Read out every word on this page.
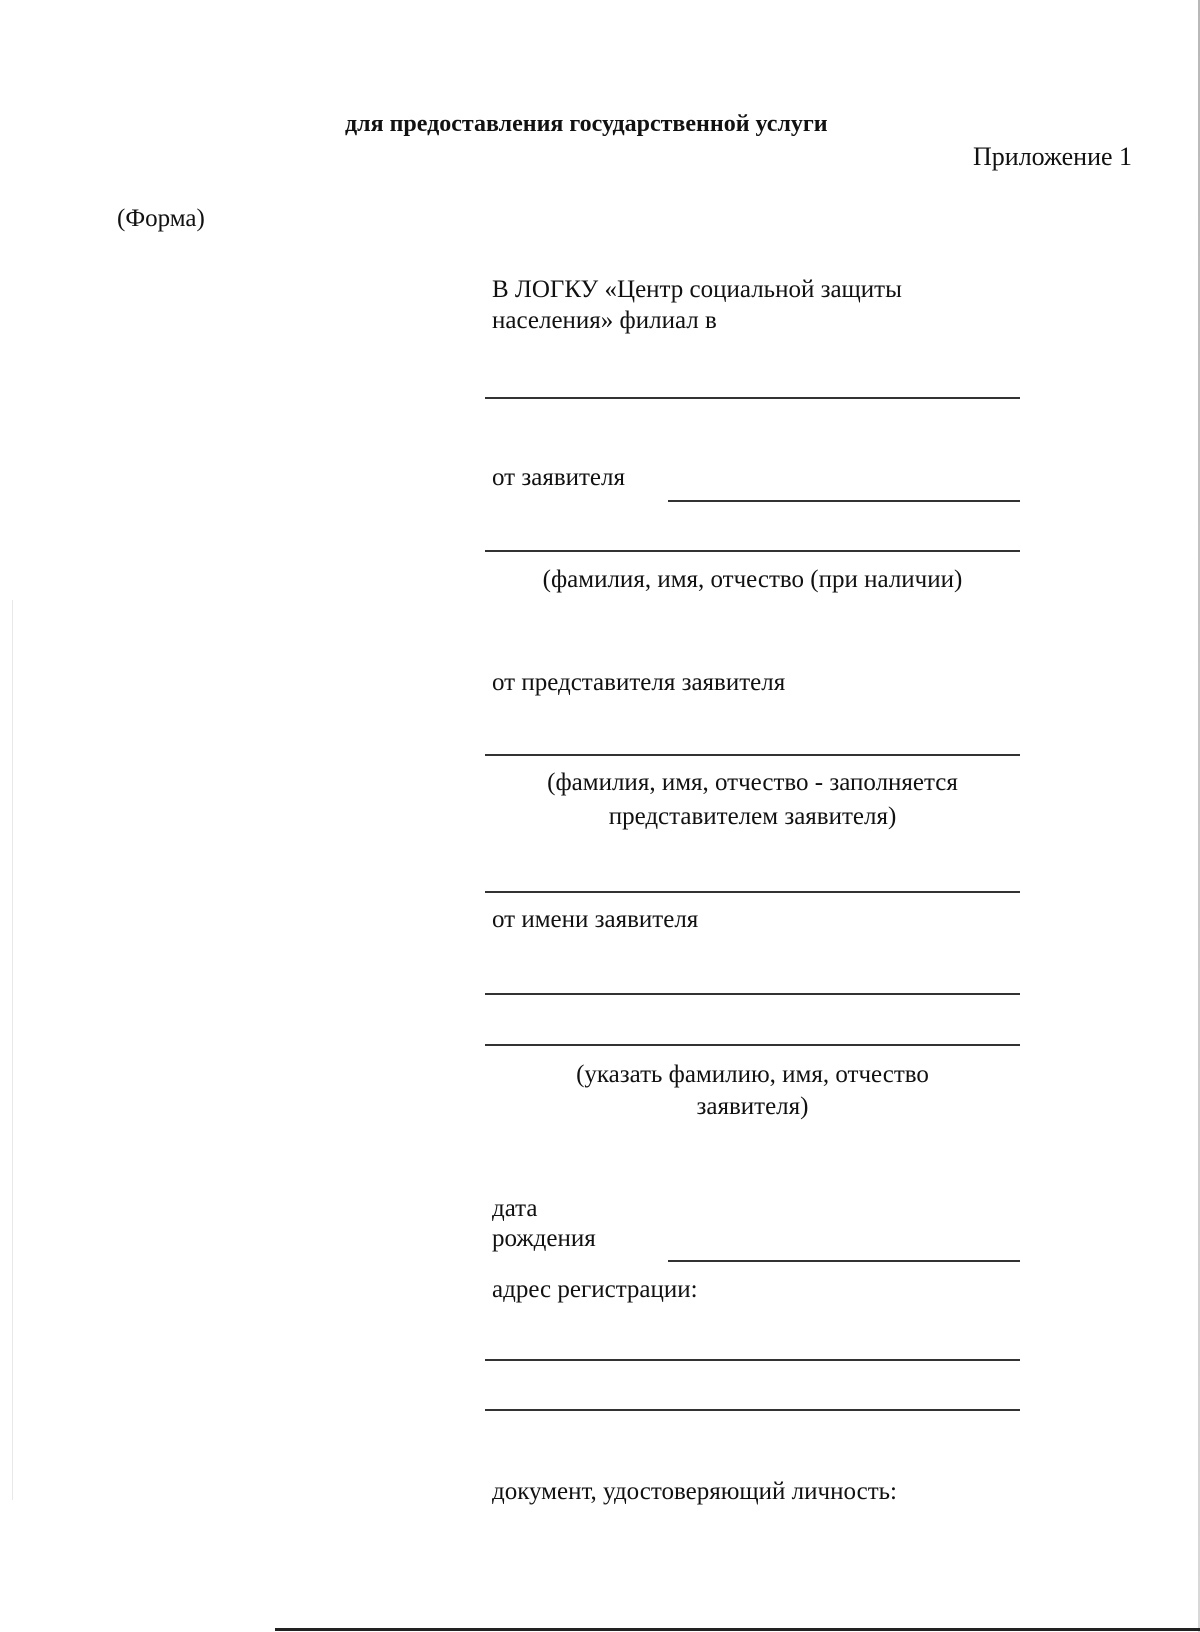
для предоставления государственной услуги
Приложение 1
(Форма)
В ЛОГКУ «Центр социальной защиты
населения» филиал в
от заявителя
(фамилия, имя, отчество (при наличии)
от представителя заявителя
(фамилия, имя, отчество - заполняется
представителем заявителя)
от имени заявителя
(указать фамилию, имя, отчество
заявителя)
дата
рождения
адрес регистрации:
документ, удостоверяющий личность:
